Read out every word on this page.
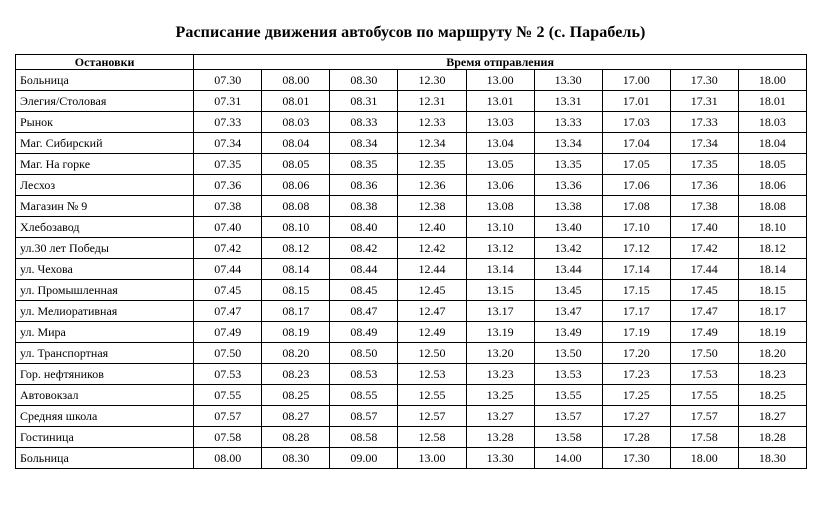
Расписание движения автобусов по маршруту № 2 (с. Парабель)
Остановки	Время отправления								
Больница	07.30	08.00	08.30	12.30	13.00	13.30	17.00	17.30	18.00
Элегия/Столовая	07.31	08.01	08.31	12.31	13.01	13.31	17.01	17.31	18.01
Рынок	07.33	08.03	08.33	12.33	13.03	13.33	17.03	17.33	18.03
Маг. Сибирский	07.34	08.04	08.34	12.34	13.04	13.34	17.04	17.34	18.04
Маг. На горке	07.35	08.05	08.35	12.35	13.05	13.35	17.05	17.35	18.05
Лесхоз	07.36	08.06	08.36	12.36	13.06	13.36	17.06	17.36	18.06
Магазин № 9	07.38	08.08	08.38	12.38	13.08	13.38	17.08	17.38	18.08
Хлебозавод	07.40	08.10	08.40	12.40	13.10	13.40	17.10	17.40	18.10
ул.30 лет Победы	07.42	08.12	08.42	12.42	13.12	13.42	17.12	17.42	18.12
ул. Чехова	07.44	08.14	08.44	12.44	13.14	13.44	17.14	17.44	18.14
ул. Промышленная	07.45	08.15	08.45	12.45	13.15	13.45	17.15	17.45	18.15
ул. Мелиоративная	07.47	08.17	08.47	12.47	13.17	13.47	17.17	17.47	18.17
ул. Мира	07.49	08.19	08.49	12.49	13.19	13.49	17.19	17.49	18.19
ул. Транспортная	07.50	08.20	08.50	12.50	13.20	13.50	17.20	17.50	18.20
Гор. нефтяников	07.53	08.23	08.53	12.53	13.23	13.53	17.23	17.53	18.23
Автовокзал	07.55	08.25	08.55	12.55	13.25	13.55	17.25	17.55	18.25
Средняя школа	07.57	08.27	08.57	12.57	13.27	13.57	17.27	17.57	18.27
Гостиница	07.58	08.28	08.58	12.58	13.28	13.58	17.28	17.58	18.28
Больница	08.00	08.30	09.00	13.00	13.30	14.00	17.30	18.00	18.30
